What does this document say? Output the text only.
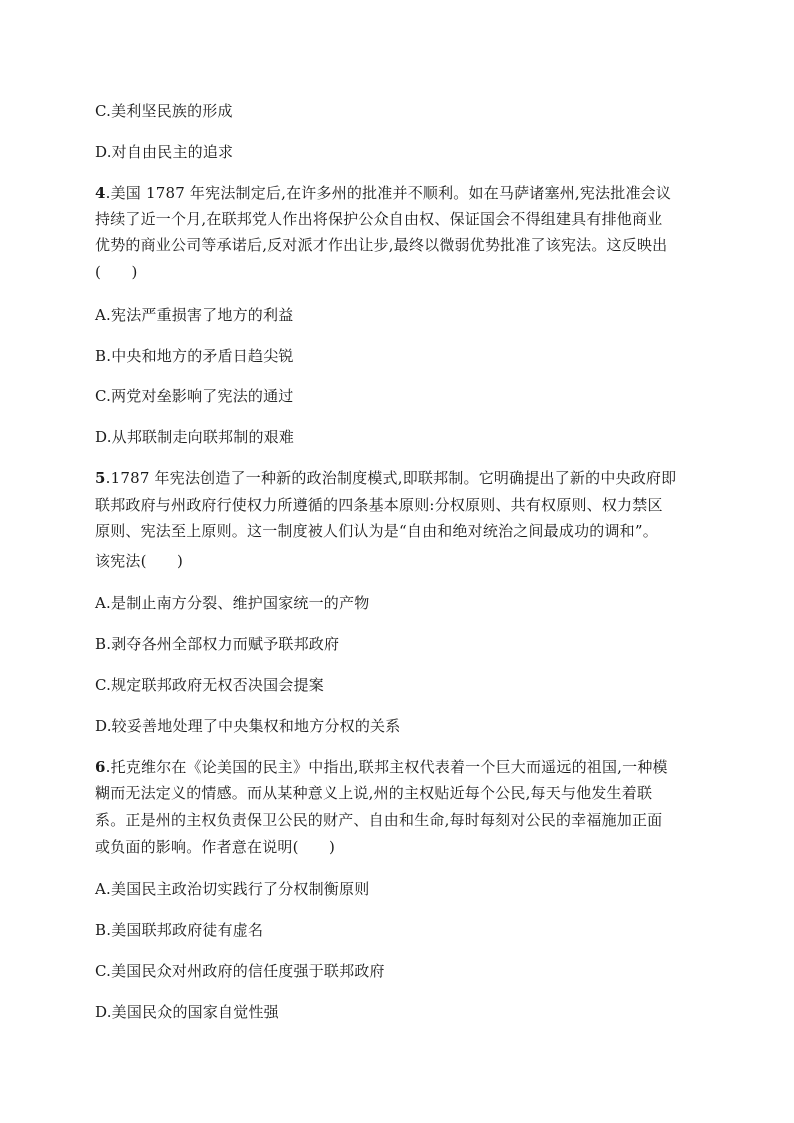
C.美利坚民族的形成
D.对自由民主的追求
4.美国 1787 年宪法制定后,在许多州的批准并不顺利。如在马萨诸塞州,宪法批准会议
持续了近一个月,在联邦党人作出将保护公众自由权、保证国会不得组建具有排他商业
优势的商业公司等承诺后,反对派才作出让步,最终以微弱优势批准了该宪法。这反映出
(　　)
A.宪法严重损害了地方的利益
B.中央和地方的矛盾日趋尖锐
C.两党对垒影响了宪法的通过
D.从邦联制走向联邦制的艰难
5.1787 年宪法创造了一种新的政治制度模式,即联邦制。它明确提出了新的中央政府即
联邦政府与州政府行使权力所遵循的四条基本原则:分权原则、共有权原则、权力禁区
原则、宪法至上原则。这一制度被人们认为是“自由和绝对统治之间最成功的调和”。
该宪法(　　)
A.是制止南方分裂、维护国家统一的产物
B.剥夺各州全部权力而赋予联邦政府
C.规定联邦政府无权否决国会提案
D.较妥善地处理了中央集权和地方分权的关系
6.托克维尔在《论美国的民主》中指出,联邦主权代表着一个巨大而遥远的祖国,一种模
糊而无法定义的情感。而从某种意义上说,州的主权贴近每个公民,每天与他发生着联
系。正是州的主权负责保卫公民的财产、自由和生命,每时每刻对公民的幸福施加正面
或负面的影响。作者意在说明(　　)
A.美国民主政治切实践行了分权制衡原则
B.美国联邦政府徒有虚名
C.美国民众对州政府的信任度强于联邦政府
D.美国民众的国家自觉性强
